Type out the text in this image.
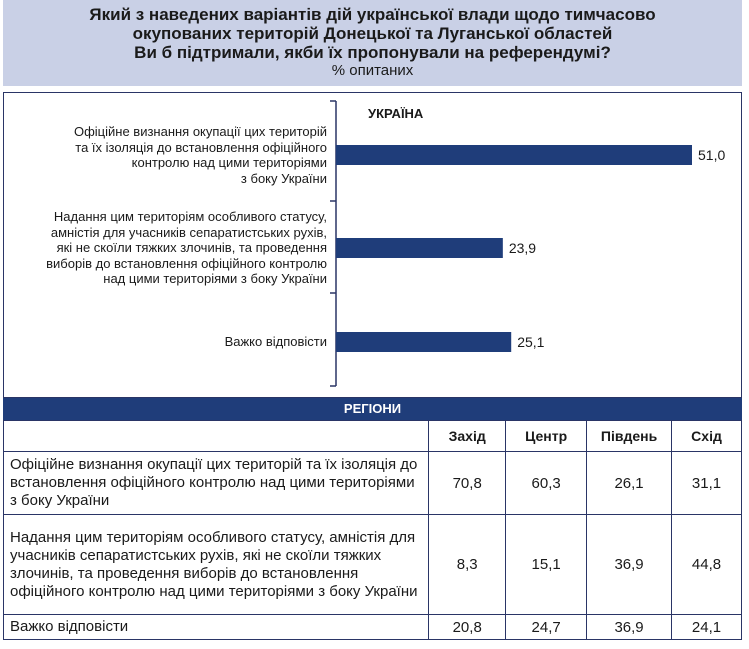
Який з наведених варіантів дій української влади щодо тимчасово
окупованих територій Донецької та Луганської областей
Ви б підтримали, якби їх пропонували на референдумі?
% опитаних
УКРАЇНА
51,0
23,9
25,1
Офіційне визнання окупації цих територій
та їх ізоляція до встановлення офіційного
контролю над цими територіями
з боку України
Надання цим територіям особливого статусу,
амністія для учасників сепаратистських рухів,
які не скоїли тяжких злочинів, та проведення
виборів до встановлення офіційного контролю
над цими територіями з боку України
Важко відповісти
РЕГІОНИ
	Захід	Центр	Південь	Схід
Офіційне визнання окупації цих територій та їх ізоляція до встановлення офіційного контролю над цими територіями з боку України	70,8	60,3	26,1	31,1
Надання цим територіям особливого статусу, амністія для учасників сепаратистських рухів, які не скоїли тяжких злочинів, та проведення виборів до встановлення офіційного контролю над цими територіями з боку України	8,3	15,1	36,9	44,8
Важко відповісти	20,8	24,7	36,9	24,1
